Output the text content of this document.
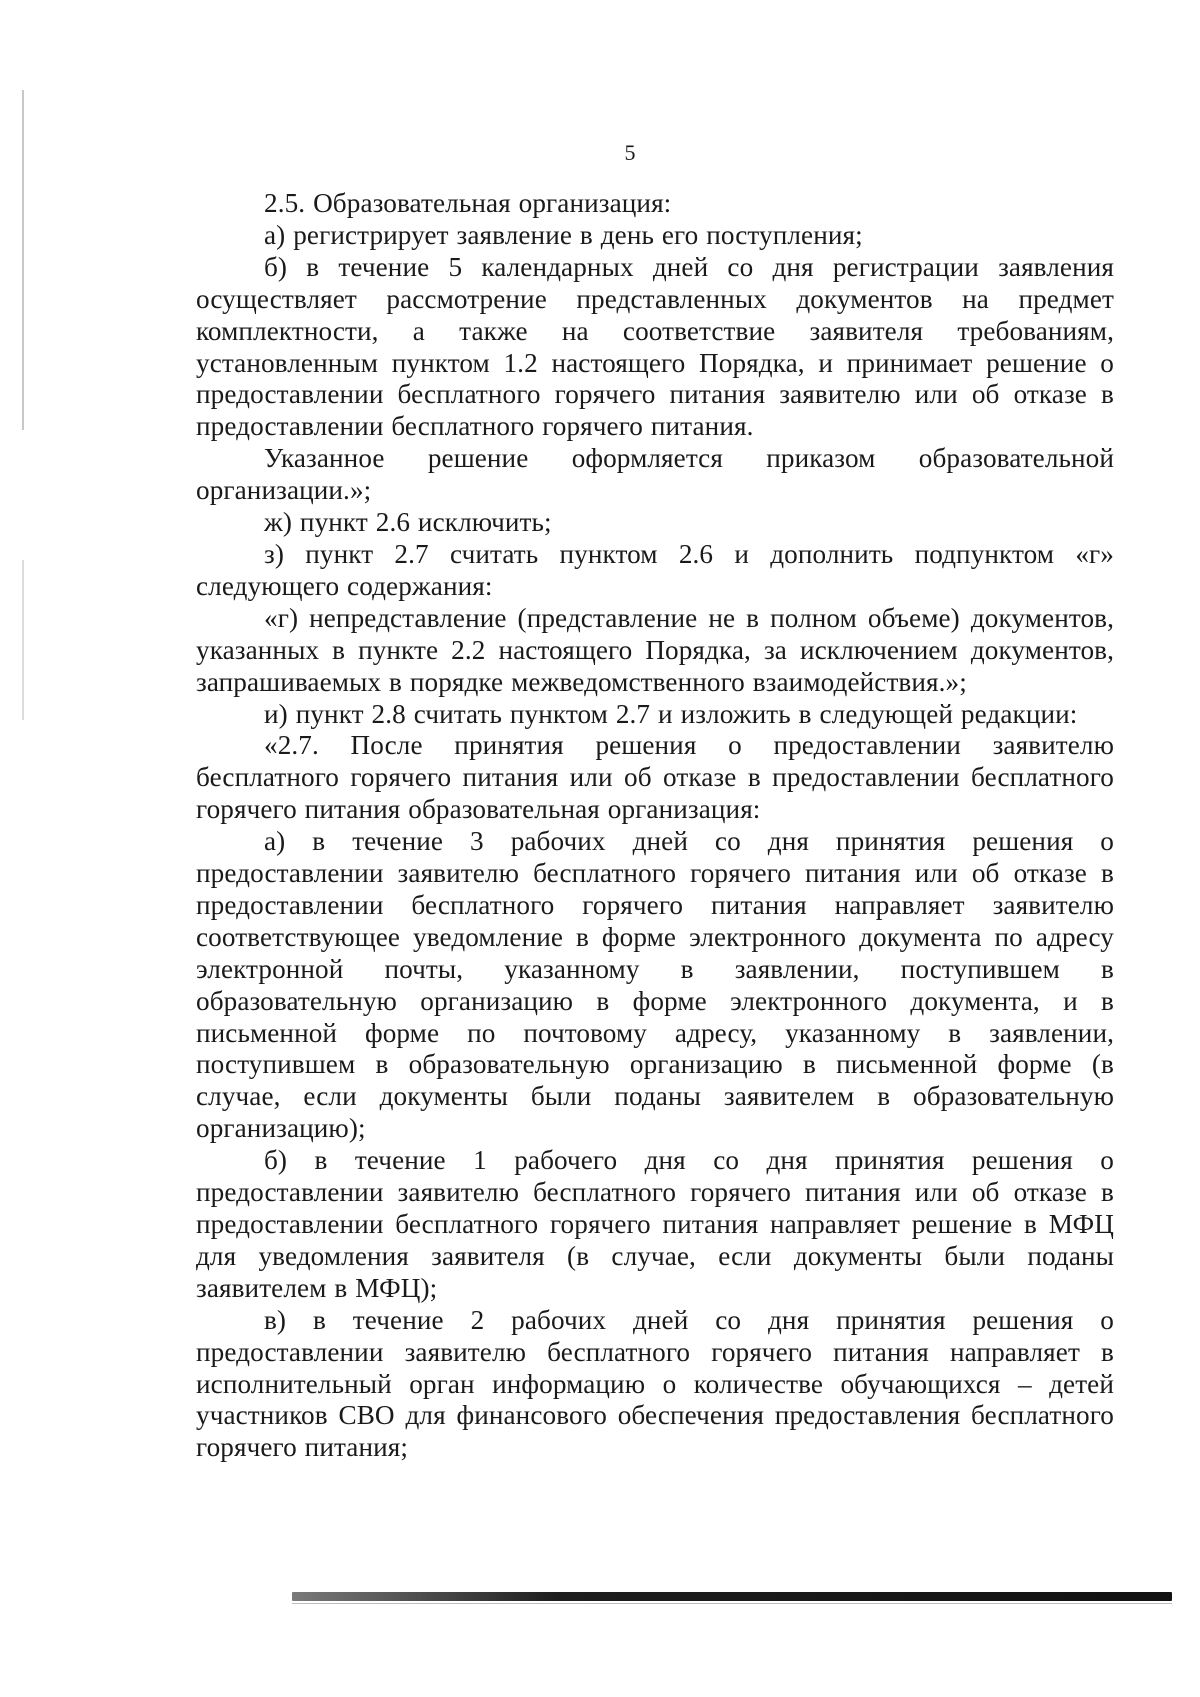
5

2.5. Образовательная организация:

а) регистрирует заявление в день его поступления;

б) в течение 5 календарных дней со дня регистрации заявления осуществляет рассмотрение представленных документов на предмет комплектности, а также на соответствие заявителя требованиям, установленным пунктом 1.2 настоящего Порядка, и принимает решение о предоставлении бесплатного горячего питания заявителю или об отказе в предоставлении бесплатного горячего питания.

Указанное решение оформляется приказом образовательной организации.»;

ж) пункт 2.6 исключить;

з) пункт 2.7 считать пунктом 2.6 и дополнить подпунктом «г» следующего содержания:

«г) непредставление (представление не в полном объеме) документов, указанных в пункте 2.2 настоящего Порядка, за исключением документов, запрашиваемых в порядке межведомственного взаимодействия.»;

и) пункт 2.8 считать пунктом 2.7 и изложить в следующей редакции:

«2.7. После принятия решения о предоставлении заявителю бесплатного горячего питания или об отказе в предоставлении бесплатного горячего питания образовательная организация:

а) в течение 3 рабочих дней со дня принятия решения о предоставлении заявителю бесплатного горячего питания или об отказе в предоставлении бесплатного горячего питания направляет заявителю соответствующее уведомление в форме электронного документа по адресу электронной почты, указанному в заявлении, поступившем в образовательную организацию в форме электронного документа, и в письменной форме по почтовому адресу, указанному в заявлении, поступившем в образовательную организацию в письменной форме (в случае, если документы были поданы заявителем в образовательную организацию);

б) в течение 1 рабочего дня со дня принятия решения о предоставлении заявителю бесплатного горячего питания или об отказе в предоставлении бесплатного горячего питания направляет решение в МФЦ для уведомления заявителя (в случае, если документы были поданы заявителем в МФЦ);

в) в течение 2 рабочих дней со дня принятия решения о предоставлении заявителю бесплатного горячего питания направляет в исполнительный орган информацию о количестве обучающихся – детей участников СВО для финансового обеспечения предоставления бесплатного горячего питания;
